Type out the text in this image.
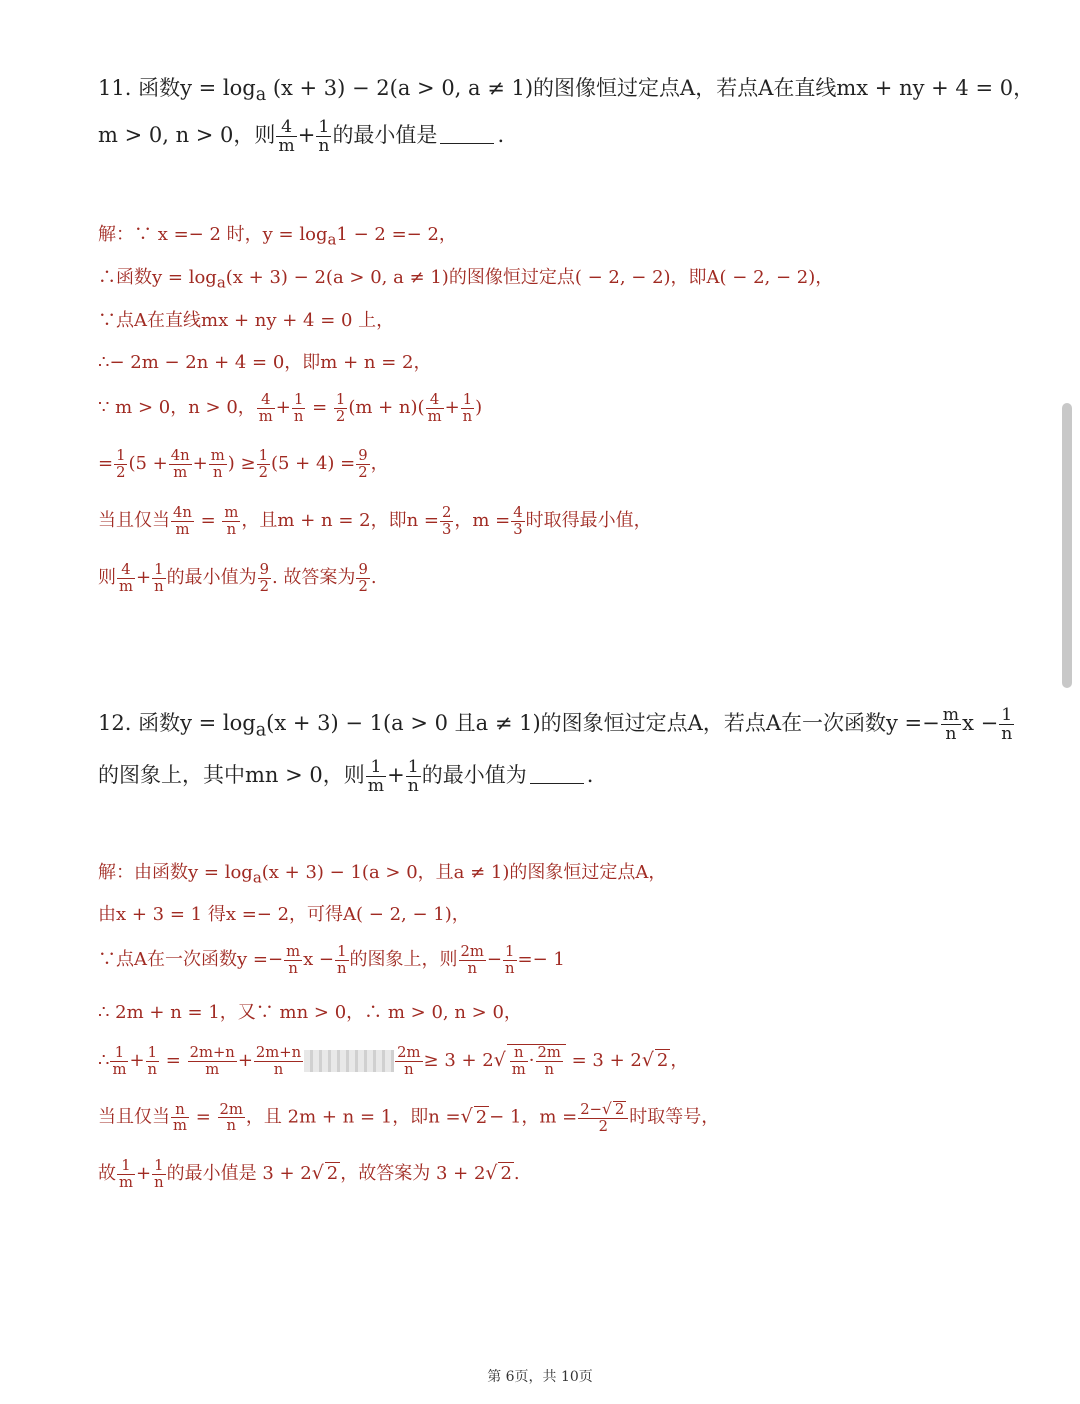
11. 函数$y = \log_a (x + 3) - 2(a > 0$, a ≠ 1)的图像恒过定点A，若点A在直线mx + ny + 4 = 0，
m > 0, n > 0，则 $\frac{4}{m} + \frac{1}{n}$ 的最小值是	.
解：∵ x =− 2 时，$y = \log_a1 - 2 =- 2$，
∴函数$y = \log_a(x + 3) - 2(a > 0$, a ≠ 1)的图像恒过定点( − 2, − 2)，即A( − 2, − 2)，
∵点A在直线mx + ny + 4 = 0 上，
∴− 2m − 2n + 4 = 0，即m + n = 2，
∵ m > 0，n > 0， $\frac{4}{m} + \frac{1}{n} = \frac{1}{2} (m + n)( \frac{4}{m} + \frac{1}{n}$ )
= $\frac{1}{2} (5 + \frac{4n}{m} + \frac{m}{n}$ ) ≥ $\frac{1}{2} (5 + 4) = \frac{9}{2}$ ，
当且仅当 $\frac{4n}{m} = \frac{m}{n}$ ，且m + n = 2，即$n = \frac{2}{3}$ ，$m = \frac{4}{3}$ 时取得最小值，
则 $\frac{4}{m} + \frac{1}{n}$ 的最小值为 $\frac{9}{2}$ . 故答案为 $\frac{9}{2}$ .
12. 函数$y = \log_a(x + 3) - 1(a > 0$ 且a ≠ 1)的图象恒过定点A，若点A在一次函数$y =- \frac{m}{n}$ $x - \frac{1}{n}$
的图象上，其中mn > 0，则 $\frac{1}{m} + \frac{1}{n}$ 的最小值为	.
解：由函数$y = \log_a(x + 3) - 1(a > 0$，且a ≠ 1)的图象恒过定点A，
由x + 3 = 1 得x =− 2，可得A( − 2, − 1)，
∵点A在一次函数$y =- \frac{m}{n}$ $x - \frac{1}{n}$ 的图象上，则 $\frac{2m}{n} - \frac{1}{n} =- 1$
∴ 2m + n = 1，又∵ mn > 0，∴ m > 0, n > 0，
∴ $\frac{1}{m} + \frac{1}{n} = \frac{2m+n}{m} + \frac{2m+n}{n}$	$\frac{2m}{n} \ge 3 + 2√ \frac{n}{m} \cdot \frac{2m}{n} = 3 + 2√$ 2 ，
当且仅当 $\frac{n}{m} = \frac{2m}{n}$ ，且 2m + n = 1，即n =√ 2 − 1，$m = \frac{2-√ 2}{2}$ 时取等号，
故 $\frac{1}{m} + \frac{1}{n}$ 的最小值是 3 + 2√ 2 ，故答案为 3 + 2√ 2 .
第 6页，共 10页
